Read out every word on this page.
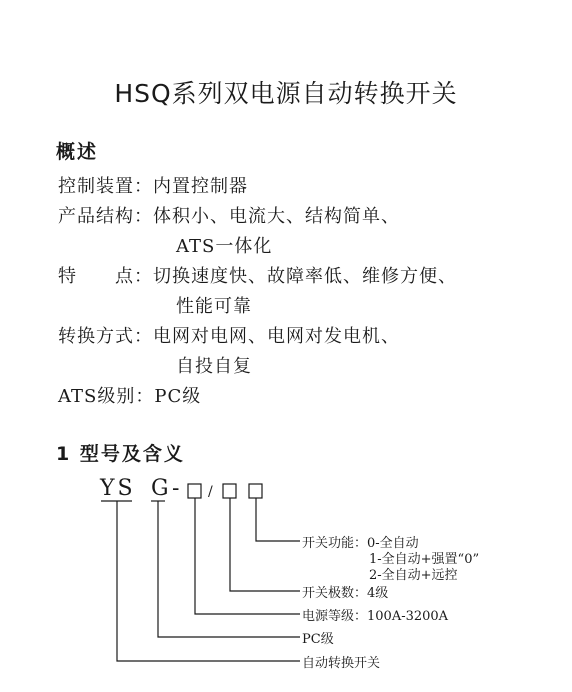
HSQ系列双电源自动转换开关
概述
控制装置：内置控制器
产品结构：体积小、电流大、结构简单、
ATS一体化
特　　点：切换速度快、故障率低、维修方便、
性能可靠
转换方式：电网对电网、电网对发电机、
自投自复
ATS级别：PC级
1 型号及含义
YS G - /
开关功能：0-全自动
1-全自动+强置“0”
2-全自动+远控
开关极数：4级
电源等级：100A-3200A
PC级
自动转换开关
